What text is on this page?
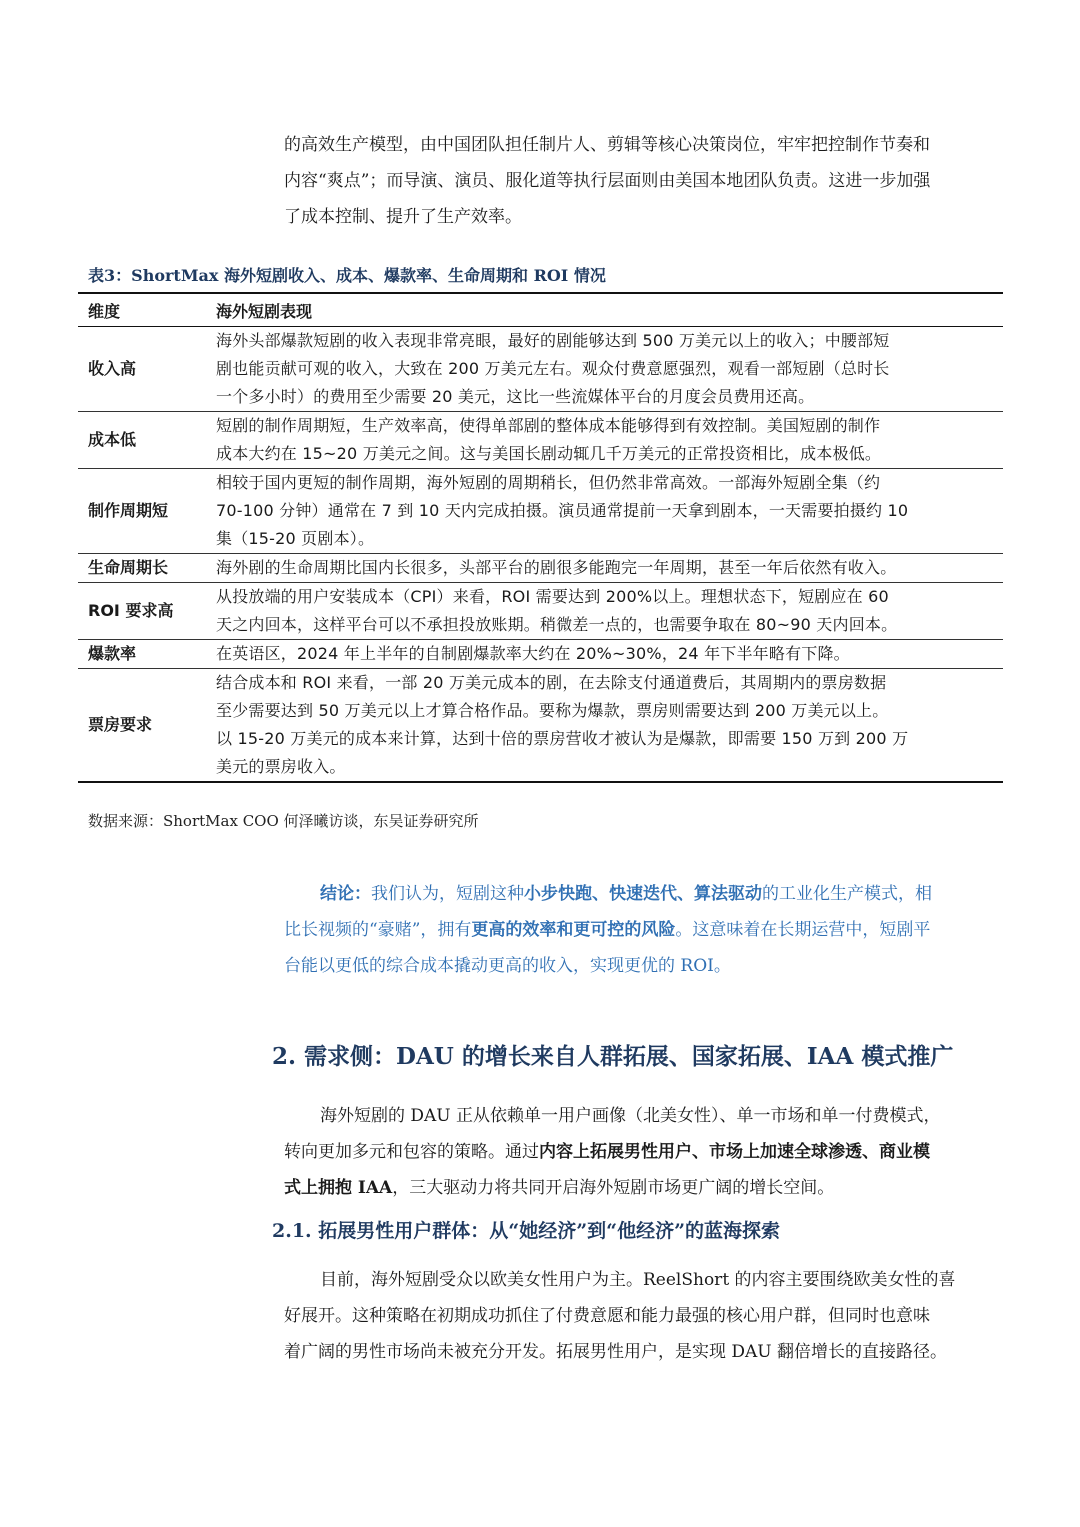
的高效生产模型，由中国团队担任制片人、剪辑等核心决策岗位，牢牢把控制作节奏和
内容“爽点”；而导演、演员、服化道等执行层面则由美国本地团队负责。这进一步加强
了成本控制、提升了生产效率。
表3：ShortMax 海外短剧收入、成本、爆款率、生命周期和 ROI 情况
维度	海外短剧表现
收入高	海外头部爆款短剧的收入表现非常亮眼，最好的剧能够达到 500 万美元以上的收入；中腰部短
剧也能贡献可观的收入，大致在 200 万美元左右。观众付费意愿强烈，观看一部短剧（总时长
一个多小时）的费用至少需要 20 美元，这比一些流媒体平台的月度会员费用还高。

成本低	短剧的制作周期短，生产效率高，使得单部剧的整体成本能够得到有效控制。美国短剧的制作
成本大约在 15~20 万美元之间。这与美国长剧动辄几千万美元的正常投资相比，成本极低。

制作周期短	相较于国内更短的制作周期，海外短剧的周期稍长，但仍然非常高效。一部海外短剧全集（约
70-100 分钟）通常在 7 到 10 天内完成拍摄。演员通常提前一天拿到剧本，一天需要拍摄约 10
集（15-20 页剧本）。

生命周期长	海外剧的生命周期比国内长很多，头部平台的剧很多能跑完一年周期，甚至一年后依然有收入。

ROI 要求高	从投放端的用户安装成本（CPI）来看，ROI 需要达到 200%以上。理想状态下，短剧应在 60
天之内回本，这样平台可以不承担投放账期。稍微差一点的，也需要争取在 80~90 天内回本。

爆款率	在英语区，2024 年上半年的自制剧爆款率大约在 20%~30%，24 年下半年略有下降。

票房要求	结合成本和 ROI 来看，一部 20 万美元成本的剧，在去除支付通道费后，其周期内的票房数据
至少需要达到 50 万美元以上才算合格作品。要称为爆款，票房则需要达到 200 万美元以上。
以 15-20 万美元的成本来计算，达到十倍的票房营收才被认为是爆款，即需要 150 万到 200 万
美元的票房收入。
数据来源：ShortMax COO 何泽曦访谈，东吴证券研究所
结论：我们认为，短剧这种小步快跑、快速迭代、算法驱动的工业化生产模式，相
比长视频的“豪赌”，拥有更高的效率和更可控的风险。这意味着在长期运营中，短剧平
台能以更低的综合成本撬动更高的收入，实现更优的 ROI。
2. 需求侧：DAU 的增长来自人群拓展、国家拓展、IAA 模式推广
海外短剧的 DAU 正从依赖单一用户画像（北美女性）、单一市场和单一付费模式，
转向更加多元和包容的策略。通过内容上拓展男性用户、市场上加速全球渗透、商业模
式上拥抱 IAA，三大驱动力将共同开启海外短剧市场更广阔的增长空间。
2.1. 拓展男性用户群体：从“她经济”到“他经济”的蓝海探索
目前，海外短剧受众以欧美女性用户为主。ReelShort 的内容主要围绕欧美女性的喜
好展开。这种策略在初期成功抓住了付费意愿和能力最强的核心用户群，但同时也意味
着广阔的男性市场尚未被充分开发。拓展男性用户，是实现 DAU 翻倍增长的直接路径。
